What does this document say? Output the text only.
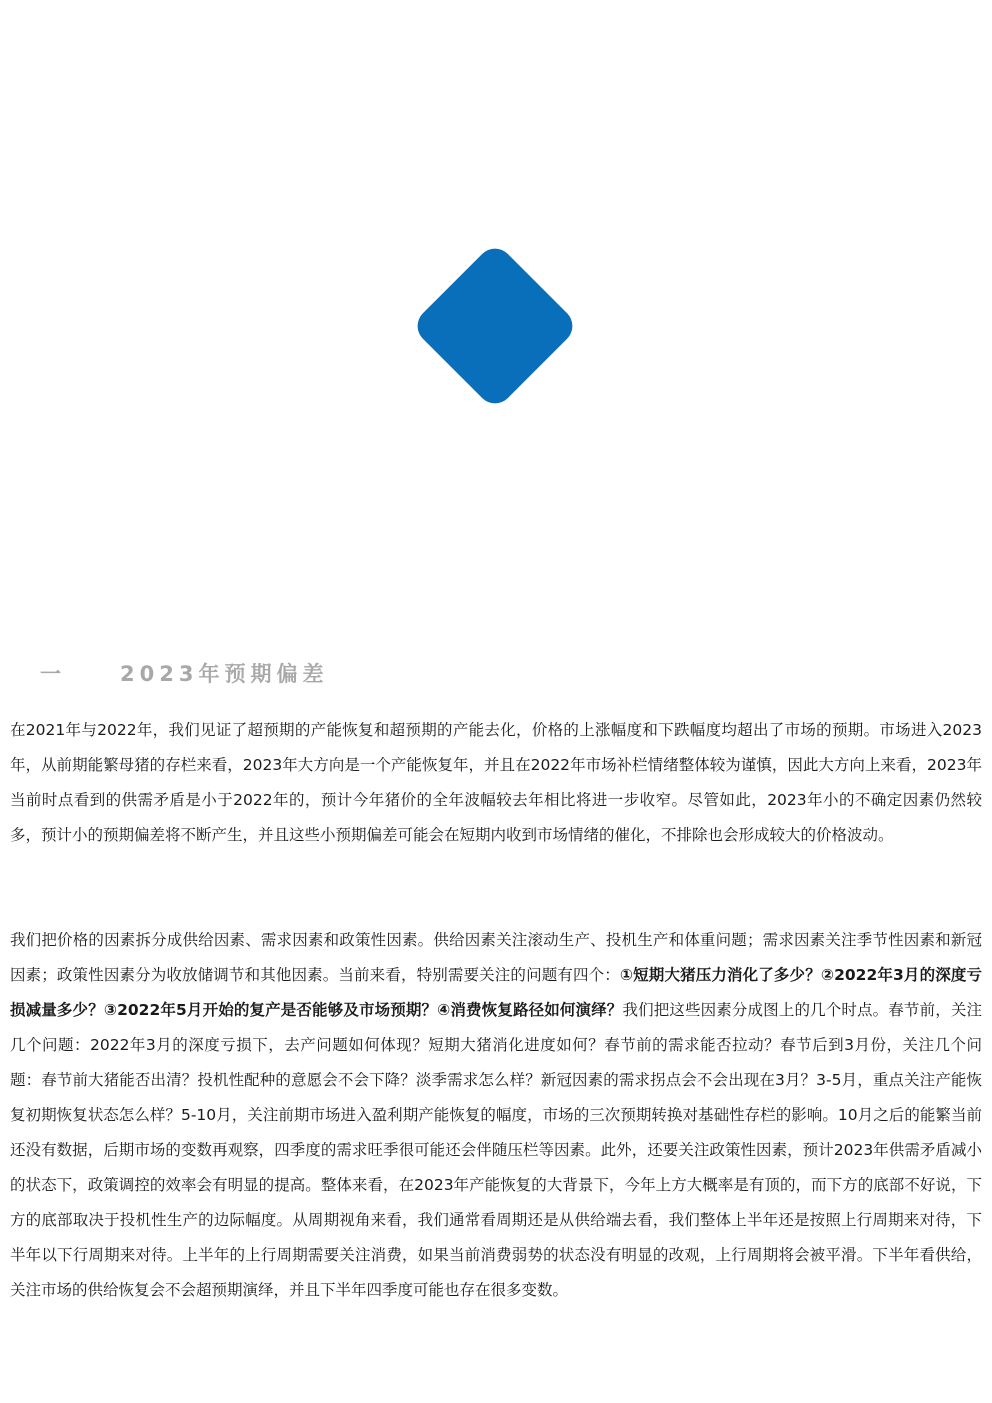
一	2023年预期偏差

在2021年与2022年，我们见证了超预期的产能恢复和超预期的产能去化，价格的上涨幅度和下跌幅度均超出了市场的预期。市场进入2023年，从前期能繁母猪的存栏来看，2023年大方向是一个产能恢复年，并且在2022年市场补栏情绪整体较为谨慎，因此大方向上来看，2023年当前时点看到的供需矛盾是小于2022年的，预计今年猪价的全年波幅较去年相比将进一步收窄。尽管如此，2023年小的不确定因素仍然较多，预计小的预期偏差将不断产生，并且这些小预期偏差可能会在短期内收到市场情绪的催化，不排除也会形成较大的价格波动。

我们把价格的因素拆分成供给因素、需求因素和政策性因素。供给因素关注滚动生产、投机生产和体重问题；需求因素关注季节性因素和新冠因素；政策性因素分为收放储调节和其他因素。当前来看，特别需要关注的问题有四个：①短期大猪压力消化了多少？②2022年3月的深度亏损减量多少？③2022年5月开始的复产是否能够及市场预期？④消费恢复路径如何演绎？我们把这些因素分成图上的几个时点。春节前，关注几个问题：2022年3月的深度亏损下，去产问题如何体现？短期大猪消化进度如何？春节前的需求能否拉动？春节后到3月份，关注几个问题：春节前大猪能否出清？投机性配种的意愿会不会下降？淡季需求怎么样？新冠因素的需求拐点会不会出现在3月？3-5月，重点关注产能恢复初期恢复状态怎么样？5-10月，关注前期市场进入盈利期产能恢复的幅度，市场的三次预期转换对基础性存栏的影响。10月之后的能繁当前还没有数据，后期市场的变数再观察，四季度的需求旺季很可能还会伴随压栏等因素。此外，还要关注政策性因素，预计2023年供需矛盾减小的状态下，政策调控的效率会有明显的提高。整体来看，在2023年产能恢复的大背景下，今年上方大概率是有顶的，而下方的底部不好说，下方的底部取决于投机性生产的边际幅度。从周期视角来看，我们通常看周期还是从供给端去看，我们整体上半年还是按照上行周期来对待，下半年以下行周期来对待。上半年的上行周期需要关注消费，如果当前消费弱势的状态没有明显的改观，上行周期将会被平滑。下半年看供给，关注市场的供给恢复会不会超预期演绎，并且下半年四季度可能也存在很多变数。
